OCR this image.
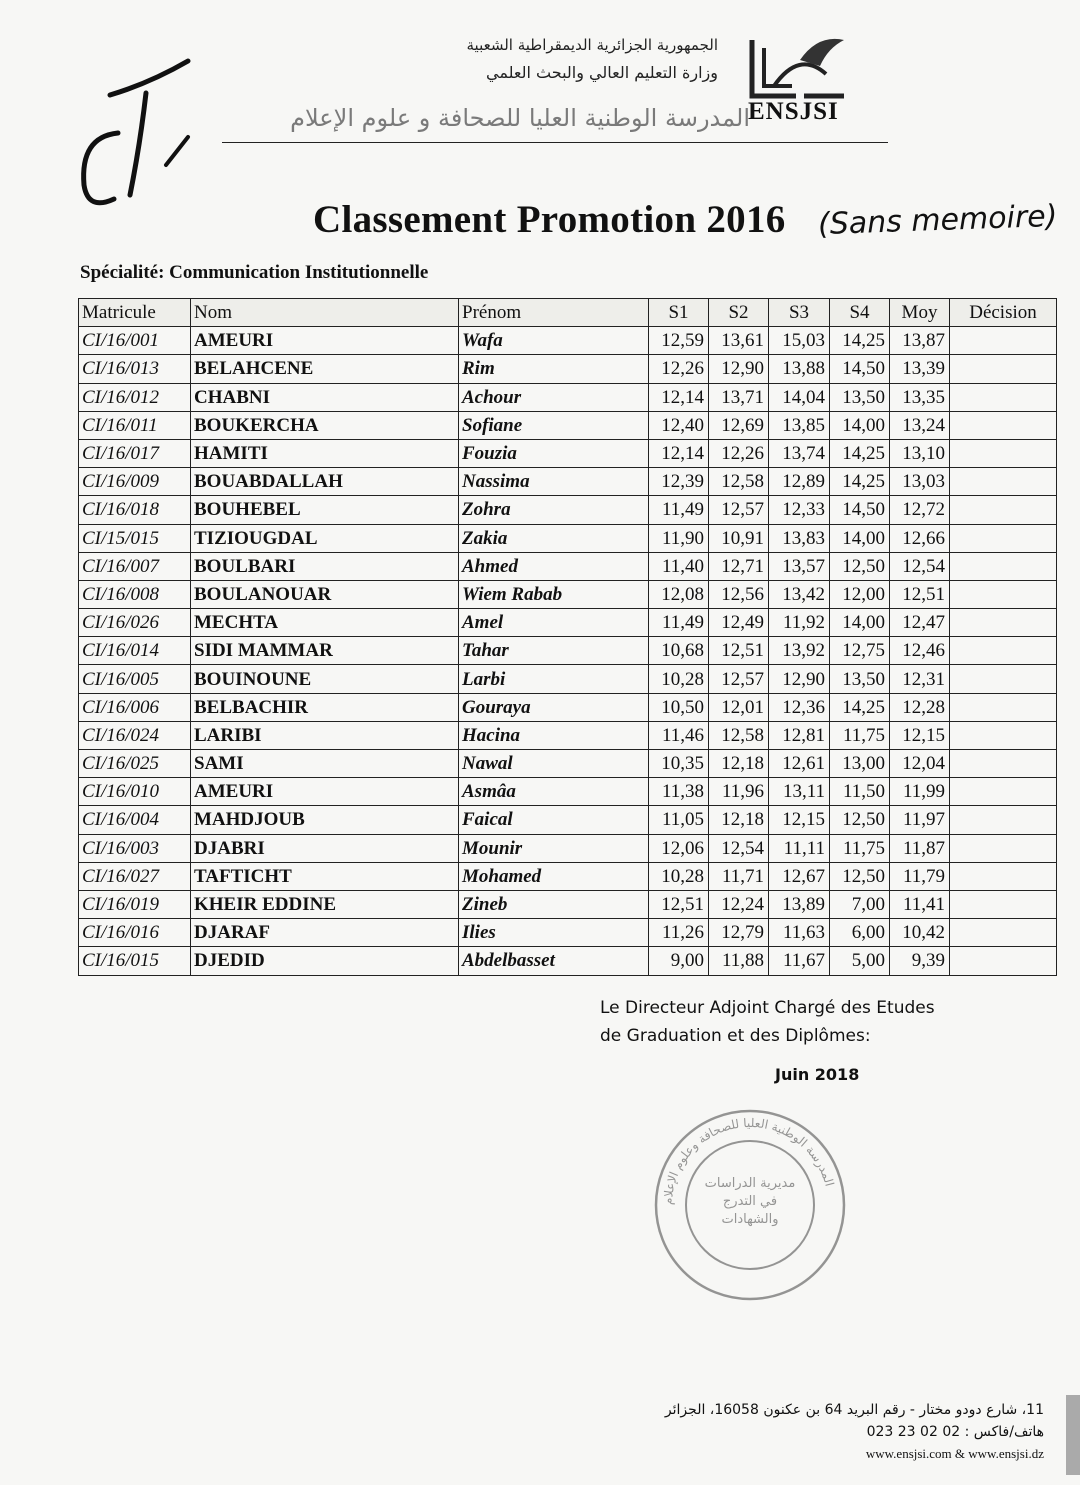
الجمهورية الجزائرية الديمقراطية الشعبية
وزارة التعليم العالي والبحث العلمي
المدرسة الوطنية العليا للصحافة و علوم الإعلام
ENSJSI
Classement Promotion 2016 (Sans memoire)
Spécialité: Communication Institutionnelle
Matricule	Nom	Prénom	S1	S2	S3	S4	Moy	Décision
CI/16/001	AMEURI	Wafa	12,59	13,61	15,03	14,25	13,87	
CI/16/013	BELAHCENE	Rim	12,26	12,90	13,88	14,50	13,39	
CI/16/012	CHABNI	Achour	12,14	13,71	14,04	13,50	13,35	
CI/16/011	BOUKERCHA	Sofiane	12,40	12,69	13,85	14,00	13,24	
CI/16/017	HAMITI	Fouzia	12,14	12,26	13,74	14,25	13,10	
CI/16/009	BOUABDALLAH	Nassima	12,39	12,58	12,89	14,25	13,03	
CI/16/018	BOUHEBEL	Zohra	11,49	12,57	12,33	14,50	12,72	
CI/15/015	TIZIOUGDAL	Zakia	11,90	10,91	13,83	14,00	12,66	
CI/16/007	BOULBARI	Ahmed	11,40	12,71	13,57	12,50	12,54	
CI/16/008	BOULANOUAR	Wiem Rabab	12,08	12,56	13,42	12,00	12,51	
CI/16/026	MECHTA	Amel	11,49	12,49	11,92	14,00	12,47	
CI/16/014	SIDI MAMMAR	Tahar	10,68	12,51	13,92	12,75	12,46	
CI/16/005	BOUINOUNE	Larbi	10,28	12,57	12,90	13,50	12,31	
CI/16/006	BELBACHIR	Gouraya	10,50	12,01	12,36	14,25	12,28	
CI/16/024	LARIBI	Hacina	11,46	12,58	12,81	11,75	12,15	
CI/16/025	SAMI	Nawal	10,35	12,18	12,61	13,00	12,04	
CI/16/010	AMEURI	Asmâa	11,38	11,96	13,11	11,50	11,99	
CI/16/004	MAHDJOUB	Faical	11,05	12,18	12,15	12,50	11,97	
CI/16/003	DJABRI	Mounir	12,06	12,54	11,11	11,75	11,87	
CI/16/027	TAFTICHT	Mohamed	10,28	11,71	12,67	12,50	11,79	
CI/16/019	KHEIR EDDINE	Zineb	12,51	12,24	13,89	7,00	11,41	
CI/16/016	DJARAF	Ilies	11,26	12,79	11,63	6,00	10,42	
CI/16/015	DJEDID	Abdelbasset	9,00	11,88	11,67	5,00	9,39	
Le Directeur Adjoint Chargé des Etudes
de Graduation et des Diplômes:
Juin 2018
المدرسة الوطنية العليا للصحافة وعلوم الإعلام
مديرية الدراسات في التدرج والشهادات
11، شارع دودو مختار - رقم البريد 64 بن عكنون 16058، الجزائر
هاتف/فاكس : 02 02 23 023
www.ensjsi.com & www.ensjsi.dz
